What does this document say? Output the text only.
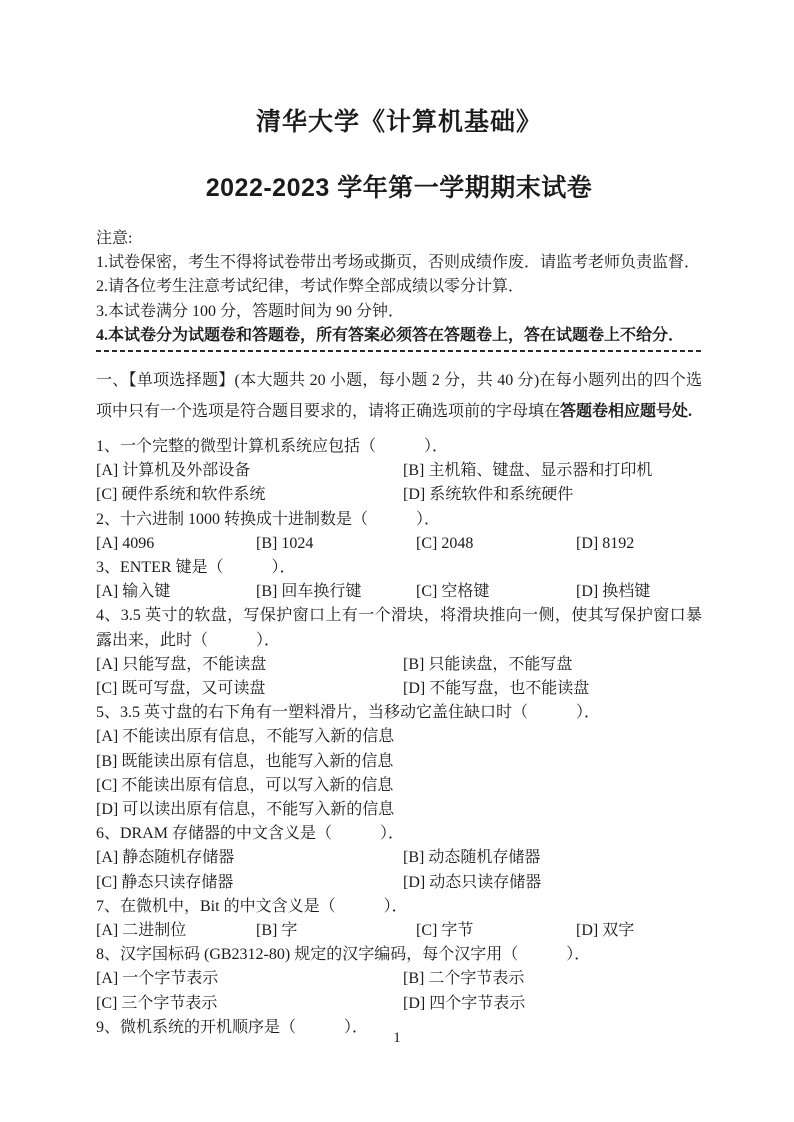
清华大学《计算机基础》
2022-2023 学年第一学期期末试卷

注意:

1.试卷保密，考生不得将试卷带出考场或撕页，否则成绩作废．请监考老师负责监督．

2.请各位考生注意考试纪律，考试作弊全部成绩以零分计算．

3.本试卷满分 100 分，答题时间为 90 分钟．

4.本试卷分为试题卷和答题卷，所有答案必须答在答题卷上，答在试题卷上不给分．

一、【单项选择题】(本大题共 20 小题，每小题 2 分，共 40 分)在每小题列出的四个选项中只有一个选项是符合题目要求的，请将正确选项前的字母填在答题卷相应题号处.

1、一个完整的微型计算机系统应包括（　　　）．

[A] 计算机及外部设备	[B] 主机箱、键盘、显示器和打印机
[C] 硬件系统和软件系统	[D] 系统软件和系统硬件

2、十六进制 1000 转换成十进制数是（　　　）．

[A] 4096	[B] 1024	[C] 2048	[D] 8192

3、ENTER 键是（　　　）．

[A] 输入键	[B] 回车换行键	[C] 空格键	[D] 换档键

4、3.5 英寸的软盘，写保护窗口上有一个滑块，将滑块推向一侧，使其写保护窗口暴露出来，此时（　　　）．

[A] 只能写盘，不能读盘	[B] 只能读盘，不能写盘
[C] 既可写盘，又可读盘	[D] 不能写盘，也不能读盘

5、3.5 英寸盘的右下角有一塑料滑片，当移动它盖住缺口时（　　　）．

[A] 不能读出原有信息，不能写入新的信息
[B] 既能读出原有信息，也能写入新的信息
[C] 不能读出原有信息，可以写入新的信息
[D] 可以读出原有信息，不能写入新的信息

6、DRAM 存储器的中文含义是（　　　）．

[A] 静态随机存储器	[B] 动态随机存储器
[C] 静态只读存储器	[D] 动态只读存储器

7、在微机中，Bit 的中文含义是（　　　）．

[A] 二进制位	[B] 字	[C] 字节	[D] 双字

8、汉字国标码 (GB2312-80) 规定的汉字编码，每个汉字用（　　　）．

[A] 一个字节表示	[B] 二个字节表示
[C] 三个字节表示	[D] 四个字节表示

9、微机系统的开机顺序是（　　　）．

1
